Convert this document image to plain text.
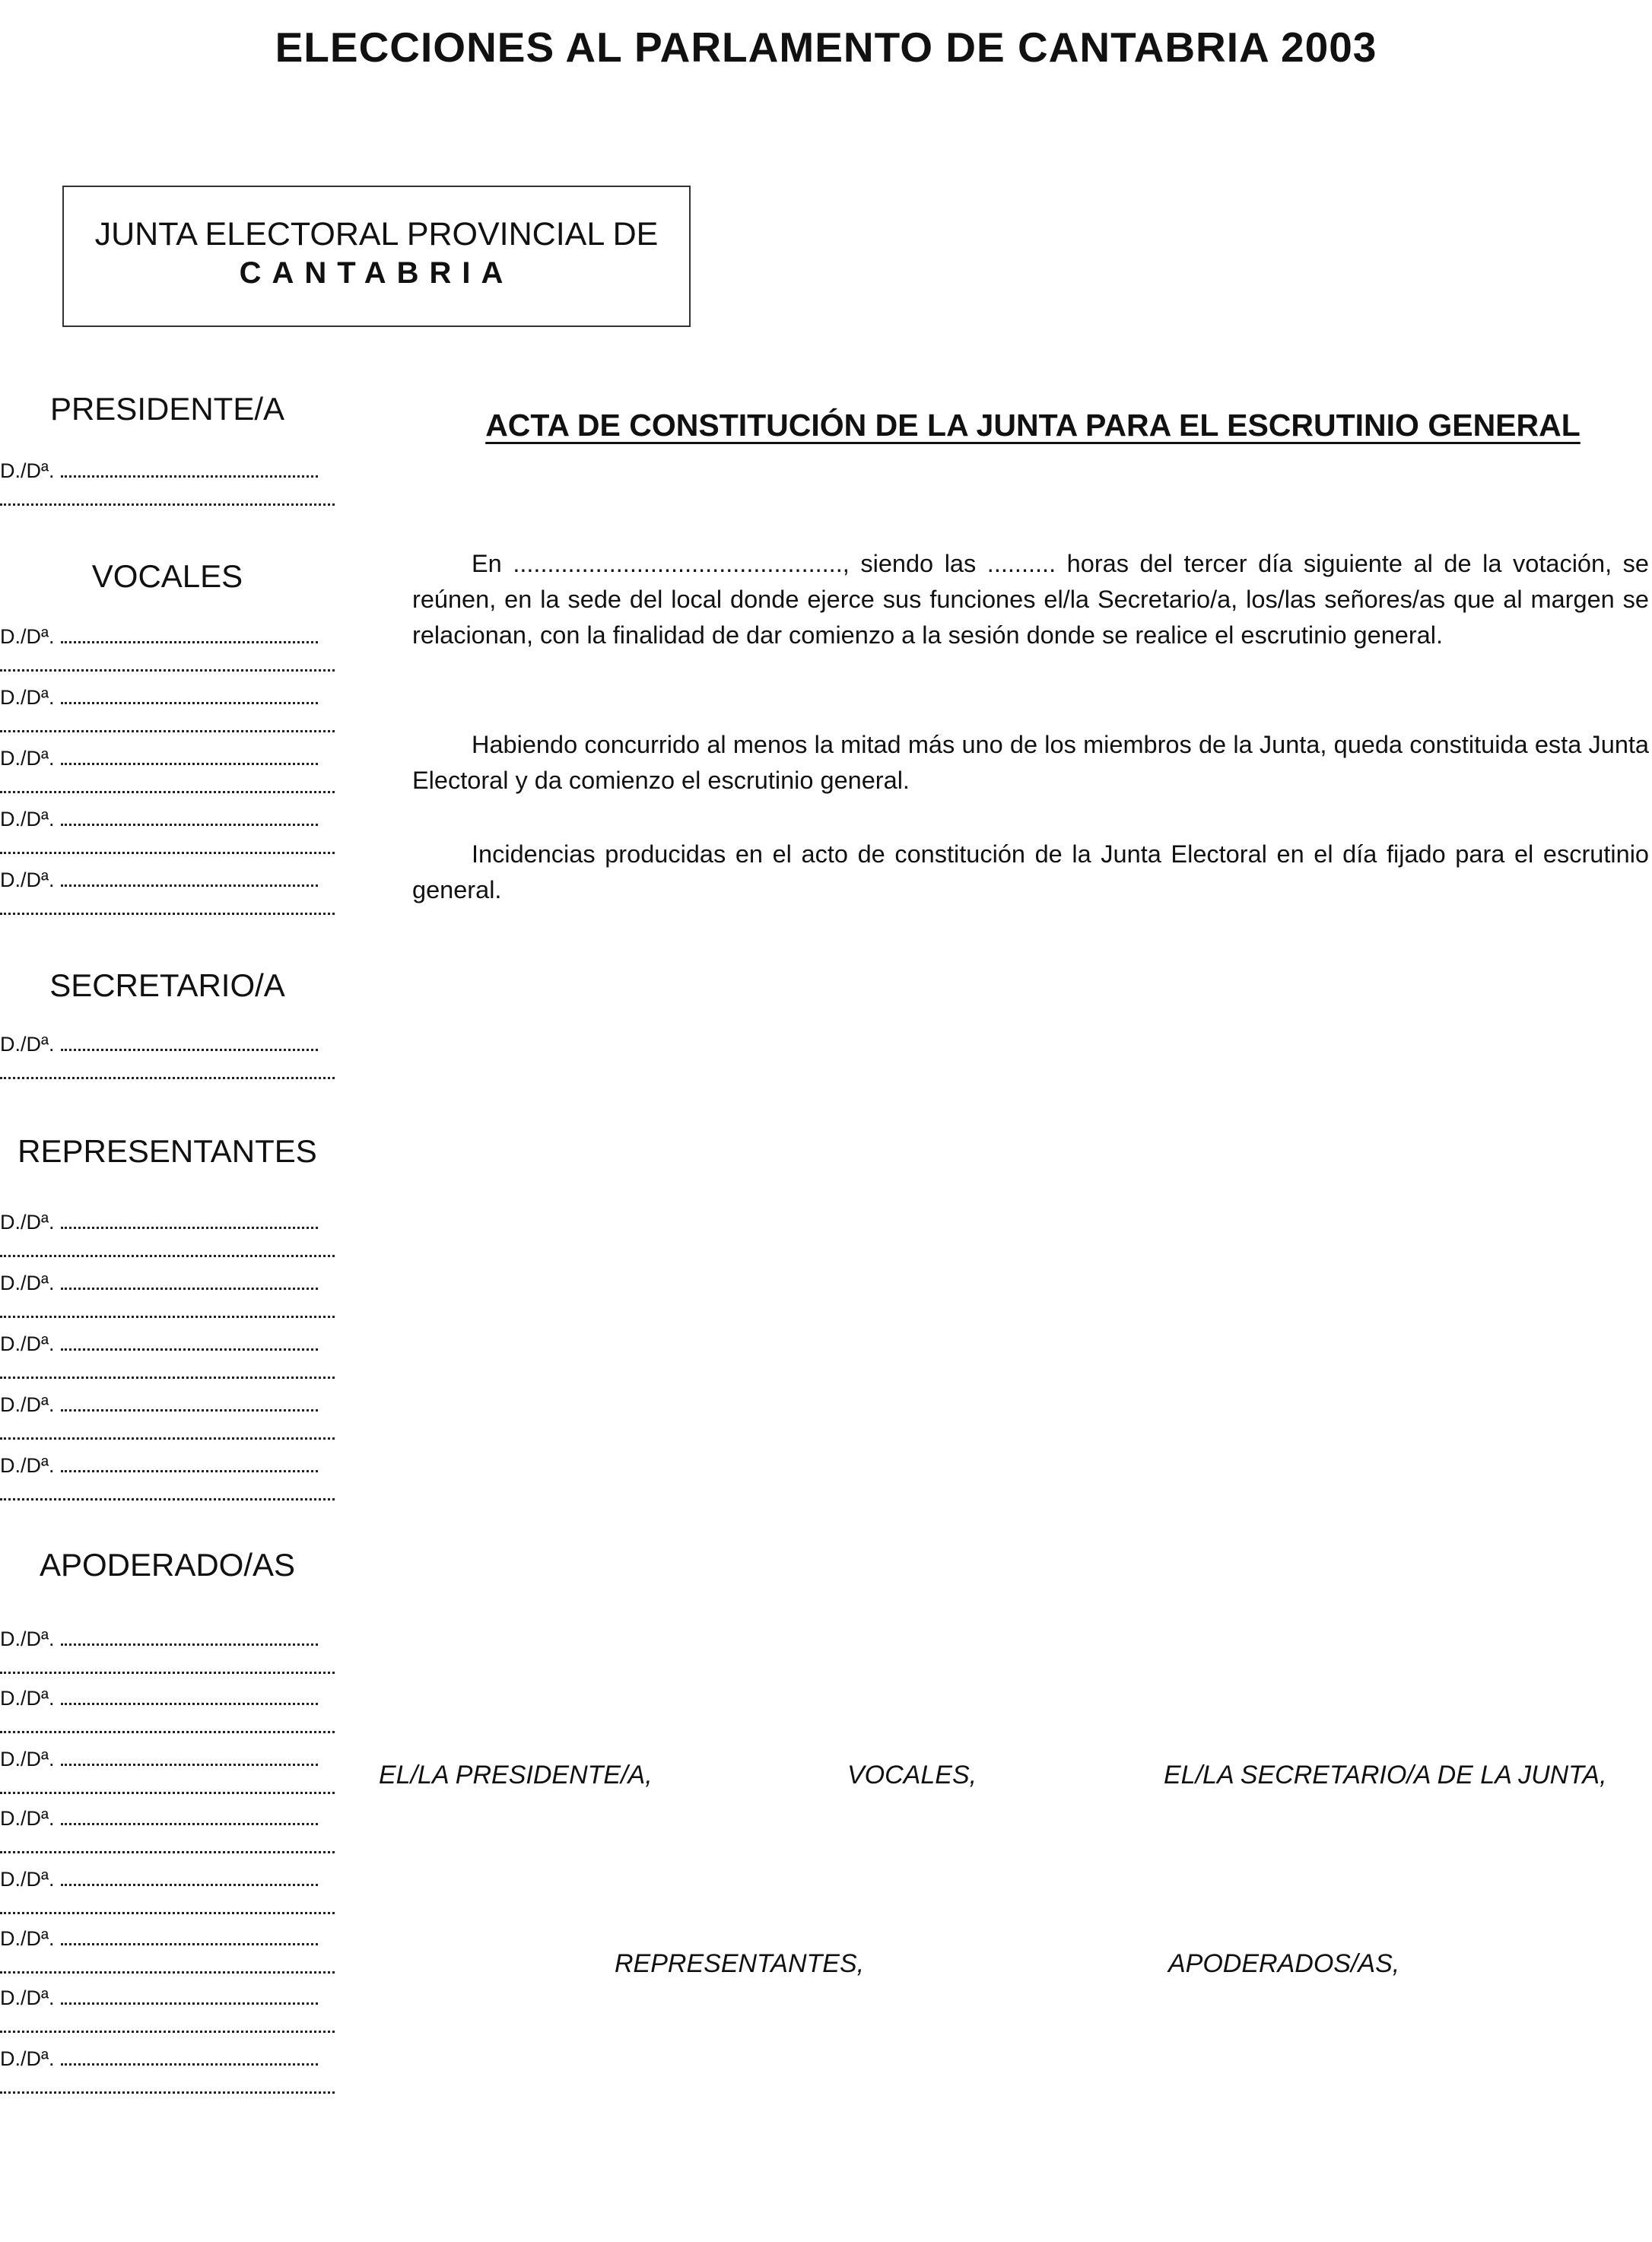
ELECCIONES AL PARLAMENTO DE CANTABRIA 2003
JUNTA ELECTORAL PROVINCIAL DE
CANTABRIA
PRESIDENTE/A
D./Dª.
VOCALES
D./Dª.
D./Dª.
D./Dª.
D./Dª.
D./Dª.
SECRETARIO/A
D./Dª.
REPRESENTANTES
D./Dª.
D./Dª.
D./Dª.
D./Dª.
D./Dª.
APODERADO/AS
D./Dª.
D./Dª.
D./Dª.
D./Dª.
D./Dª.
D./Dª.
D./Dª.
D./Dª.
ACTA DE CONSTITUCIÓN DE LA JUNTA PARA EL ESCRUTINIO GENERAL

En ................................................, siendo las .......... horas del tercer día siguiente al de la votación, se reúnen, en la sede del local donde ejerce sus funciones el/la Secretario/a, los/las señores/as que al margen se relacionan, con la finalidad de dar comienzo a la sesión donde se realice el escrutinio general.

Habiendo concurrido al menos la mitad más uno de los miembros de la Junta, queda constituida esta Junta Electoral y da comienzo el escrutinio general.

Incidencias producidas en el acto de constitución de la Junta Electoral en el día fijado para el escrutinio general.

EL/LA PRESIDENTE/A,	VOCALES,	EL/LA SECRETARIO/A DE LA JUNTA,
REPRESENTANTES,	APODERADOS/AS,
